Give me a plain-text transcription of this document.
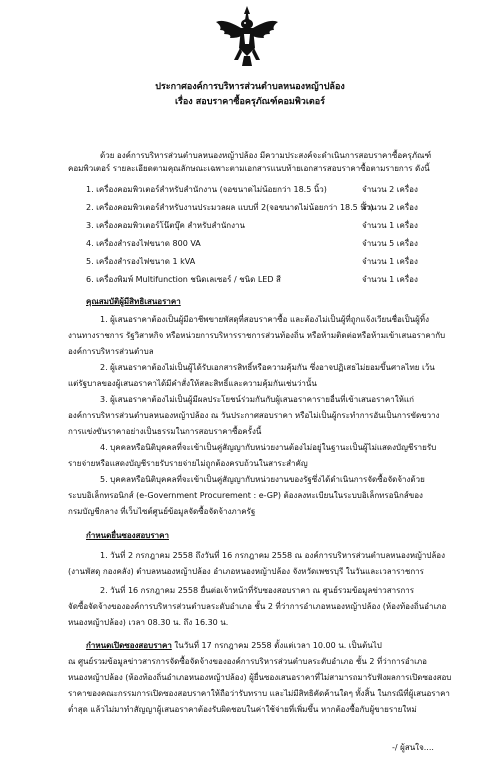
ประกาศองค์การบริหารส่วนตำบลหนองหญ้าปล้อง
เรื่อง สอบราคาซื้อครุภัณฑ์คอมพิวเตอร์
ด้วย องค์การบริหารส่วนตำบลหนองหญ้าปล้อง มีความประสงค์จะดำเนินการสอบราคาซื้อครุภัณฑ์
คอมพิวเตอร์ รายละเอียดตามคุณลักษณะเฉพาะตามเอกสารแนบท้ายเอกสารสอบราคาซื้อตามรายการ ดังนี้
1. เครื่องคอมพิวเตอร์สำหรับสำนักงาน (จอขนาดไม่น้อยกว่า 18.5 นิ้ว)	จำนวน 2 เครื่อง
2. เครื่องคอมพิวเตอร์สำหรับงานประมวลผล แบบที่ 2(จอขนาดไม่น้อยกว่า 18.5 นิ้ว)
จำนวน 2 เครื่อง
3. เครื่องคอมพิวเตอร์โน๊ตบุ๊ค สำหรับสำนักงาน	จำนวน 1 เครื่อง
4. เครื่องสำรองไฟขนาด 800 VA	จำนวน 5 เครื่อง
5. เครื่องสำรองไฟขนาด 1 kVA	จำนวน 1 เครื่อง
6. เครื่องพิมพ์ Multifunction ชนิดเลเซอร์ / ชนิด LED สี	จำนวน 1 เครื่อง
คุณสมบัติผู้มีสิทธิเสนอราคา
1. ผู้เสนอราคาต้องเป็นผู้มีอาชีพขายพัสดุที่สอบราคาซื้อ และต้องไม่เป็นผู้ที่ถูกแจ้งเวียนชื่อเป็นผู้ทิ้ง
งานทางราชการ รัฐวิสาหกิจ หรือหน่วยการบริหารราชการส่วนท้องถิ่น หรือห้ามติดต่อหรือห้ามเข้าเสนอราคากับ
องค์การบริหารส่วนตำบล
2. ผู้เสนอราคาต้องไม่เป็นผู้ได้รับเอกสารสิทธิ์หรือความคุ้มกัน ซึ่งอาจปฏิเสธไม่ยอมขึ้นศาลไทย เว้น
แต่รัฐบาลของผู้เสนอราคาได้มีคำสั่งให้สละสิทธิ์และความคุ้มกันเช่นว่านั้น
3. ผู้เสนอราคาต้องไม่เป็นผู้มีผลประโยชน์ร่วมกันกับผู้เสนอราคารายอื่นที่เข้าเสนอราคาให้แก่
องค์การบริหารส่วนตำบลหนองหญ้าปล้อง ณ วันประกาศสอบราคา หรือไม่เป็นผู้กระทำการอันเป็นการขัดขวาง
การแข่งขันราคาอย่างเป็นธรรมในการสอบราคาซื้อครั้งนี้
4. บุคคลหรือนิติบุคคลที่จะเข้าเป็นคู่สัญญากับหน่วยงานต้องไม่อยู่ในฐานะเป็นผู้ไม่แสดงบัญชีรายรับ
รายจ่ายหรือแสดงบัญชีรายรับรายจ่ายไม่ถูกต้องครบถ้วนในสาระสำคัญ
5. บุคคลหรือนิติบุคคลที่จะเข้าเป็นคู่สัญญากับหน่วยงานของรัฐซึ่งได้ดำเนินการจัดซื้อจัดจ้างด้วย
ระบบอิเล็กทรอนิกส์ (e-Government Procurement : e-GP) ต้องลงทะเบียนในระบบอิเล็กทรอนิกส์ของ
กรมบัญชีกลาง ที่เว็บไซต์ศูนย์ข้อมูลจัดซื้อจัดจ้างภาครัฐ
กำหนดยื่นซองสอบราคา
1. วันที่ 2 กรกฎาคม 2558 ถึงวันที่ 16 กรกฎาคม 2558 ณ องค์การบริหารส่วนตำบลหนองหญ้าปล้อง
(งานพัสดุ กองคลัง) ตำบลหนองหญ้าปล้อง อำเภอหนองหญ้าปล้อง จังหวัดเพชรบุรี ในวันและเวลาราชการ
2. วันที่ 16 กรกฎาคม 2558 ยื่นต่อเจ้าหน้าที่รับซองสอบราคา ณ ศูนย์รวมข้อมูลข่าวสารการ
จัดซื้อจัดจ้างขององค์การบริหารส่วนตำบลระดับอำเภอ ชั้น 2 ที่ว่าการอำเภอหนองหญ้าปล้อง (ห้องท้องถิ่นอำเภอ
หนองหญ้าปล้อง) เวลา 08.30 น. ถึง 16.30 น.
กำหนดเปิดซองสอบราคา ในวันที่ 17 กรกฎาคม 2558 ตั้งแต่เวลา 10.00 น. เป็นต้นไป
ณ ศูนย์รวมข้อมูลข่าวสารการจัดซื้อจัดจ้างขององค์การบริหารส่วนตำบลระดับอำเภอ ชั้น 2 ที่ว่าการอำเภอ
หนองหญ้าปล้อง (ห้องท้องถิ่นอำเภอหนองหญ้าปล้อง) ผู้ยื่นซองเสนอราคาที่ไม่สามารถมารับฟังผลการเปิดซองสอบ
ราคาของคณะกรรมการเปิดซองสอบราคาให้ถือว่ารับทราบ และไม่มีสิทธิคัดค้านใดๆ ทั้งสิ้น ในกรณีที่ผู้เสนอราคา
ต่ำสุด แล้วไม่มาทำสัญญาผู้เสนอราคาต้องรับผิดชอบในค่าใช้จ่ายที่เพิ่มขึ้น หากต้องซื้อกับผู้ขายรายใหม่
-/ ผู้สนใจ....
